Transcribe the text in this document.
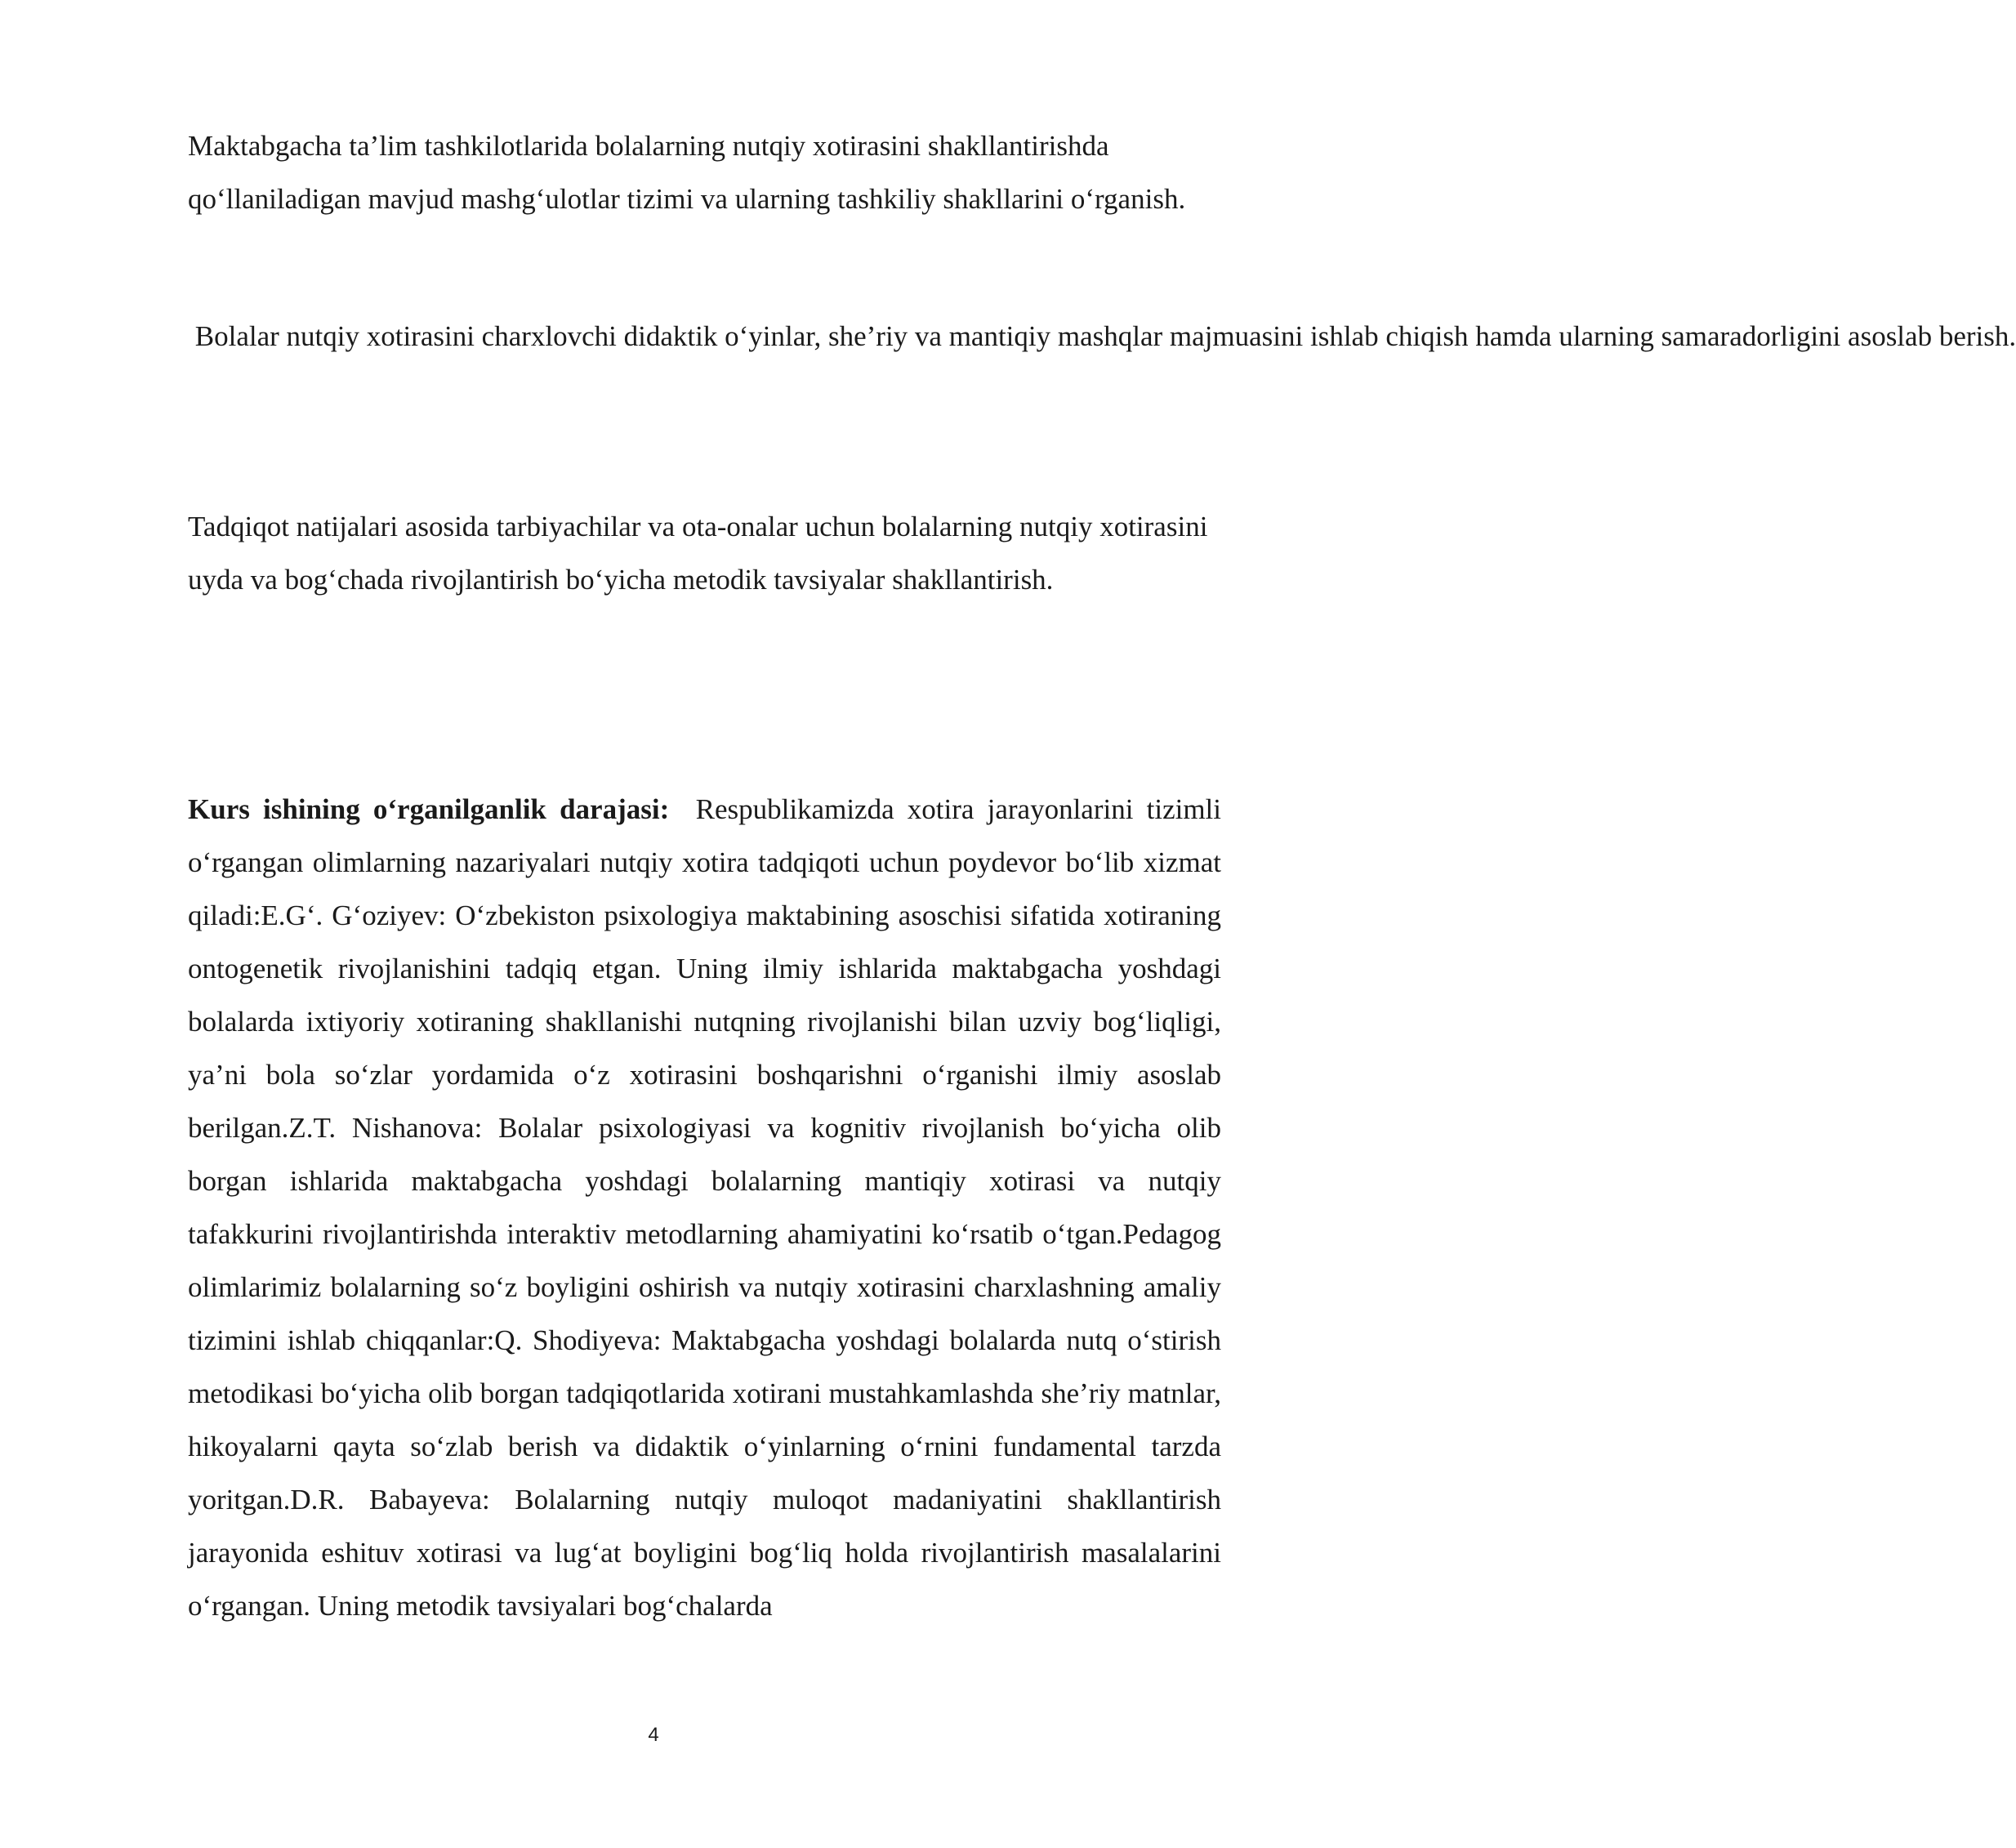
Maktabgacha ta’lim tashkilotlarida bolalarning nutqiy xotirasini shakllantirishda qo‘llaniladigan mavjud mashg‘ulotlar tizimi va ularning tashkiliy shakllarini o‘rganish.

Bolalar nutqiy xotirasini charxlovchi didaktik o‘yinlar, she’riy va mantiqiy mashqlar majmuasini ishlab chiqish hamda ularning samaradorligini asoslab berish.

Tadqiqot natijalari asosida tarbiyachilar va ota-onalar uchun bolalarning nutqiy xotirasini uyda va bog‘chada rivojlantirish bo‘yicha metodik tavsiyalar shakllantirish.

Kurs ishining o‘rganilganlik darajasi: Respublikamizda xotira jarayonlarini tizimli o‘rgangan olimlarning nazariyalari nutqiy xotira tadqiqoti uchun poydevor bo‘lib xizmat qiladi:E.G‘. G‘oziyev: O‘zbekiston psixologiya maktabining asoschisi sifatida xotiraning ontogenetik rivojlanishini tadqiq etgan. Uning ilmiy ishlarida maktabgacha yoshdagi bolalarda ixtiyoriy xotiraning shakllanishi nutqning rivojlanishi bilan uzviy bog‘liqligi, ya’ni bola so‘zlar yordamida o‘z xotirasini boshqarishni o‘rganishi ilmiy asoslab berilgan.Z.T. Nishanova: Bolalar psixologiyasi va kognitiv rivojlanish bo‘yicha olib borgan ishlarida maktabgacha yoshdagi bolalarning mantiqiy xotirasi va nutqiy tafakkurini rivojlantirishda interaktiv metodlarning ahamiyatini ko‘rsatib o‘tgan.Pedagog olimlarimiz bolalarning so‘z boyligini oshirish va nutqiy xotirasini charxlashning amaliy tizimini ishlab chiqqanlar:Q. Shodiyeva: Maktabgacha yoshdagi bolalarda nutq o‘stirish metodikasi bo‘yicha olib borgan tadqiqotlarida xotirani mustahkamlashda she’riy matnlar, hikoyalarni qayta so‘zlab berish va didaktik o‘yinlarning o‘rnini fundamental tarzda yoritgan.D.R. Babayeva: Bolalarning nutqiy muloqot madaniyatini shakllantirish jarayonida eshituv xotirasi va lug‘at boyligini bog‘liq holda rivojlantirish masalalarini o‘rgangan. Uning metodik tavsiyalari bog‘chalarda

4
